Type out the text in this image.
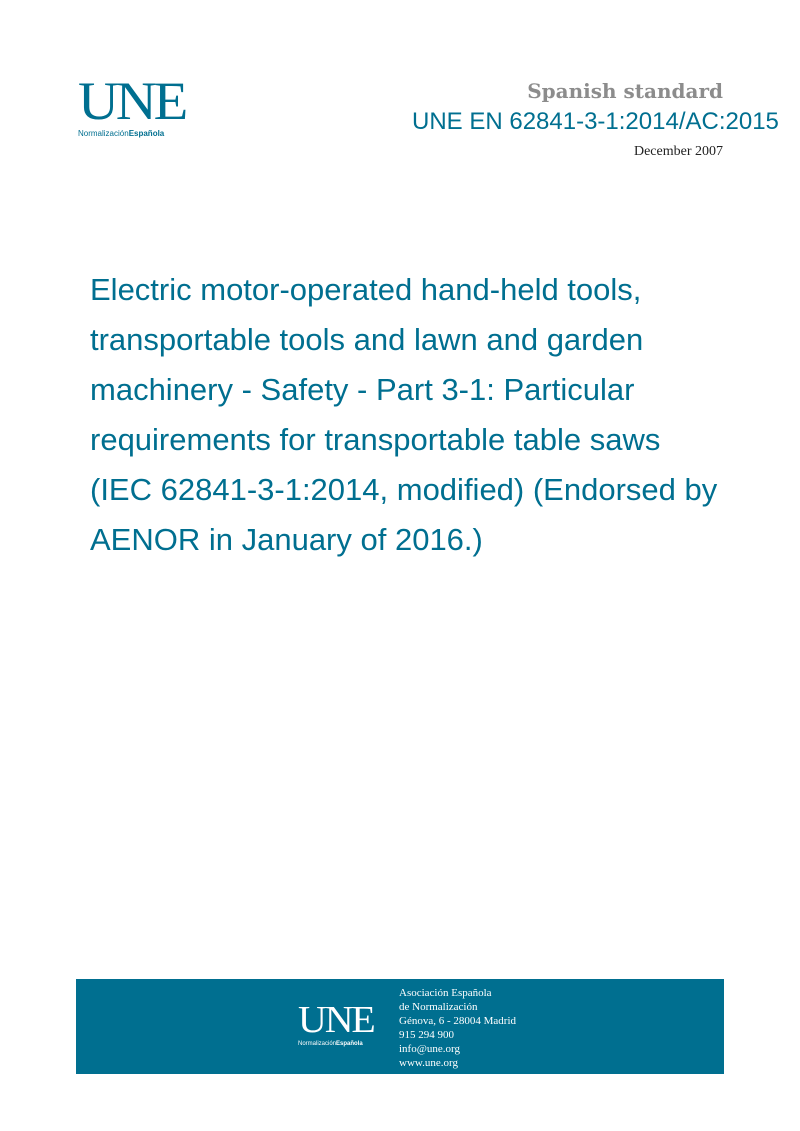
UNE
NormalizaciónEspañola
Spanish standard
UNE EN 62841-3-1:2014/AC:2015
December 2007
Electric motor-operated hand-held tools, transportable tools and lawn and garden machinery - Safety - Part 3-1: Particular requirements for transportable table saws (IEC 62841-3-1:2014, modified) (Endorsed by AENOR in January of 2016.)
UNE
NormalizaciónEspañola
Asociación Española
de Normalización
Génova, 6 - 28004 Madrid
915 294 900
info@une.org
www.une.org
